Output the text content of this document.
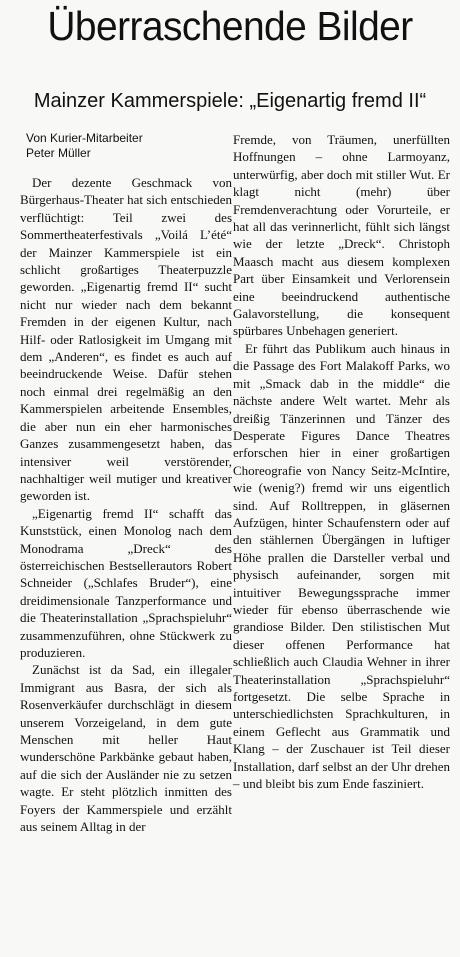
Überraschende Bilder
Mainzer Kammerspiele: „Eigenartig fremd II“
Von Kurier-Mitarbeiter
Peter Müller

Der dezente Geschmack von Bürgerhaus-Theater hat sich entschieden verflüchtigt: Teil zwei des Sommertheaterfestivals „Voilá L’été“ der Mainzer Kammerspiele ist ein schlicht großartiges Theaterpuzzle geworden. „Eigenartig fremd II“ sucht nicht nur wieder nach dem bekannt Fremden in der eigenen Kultur, nach Hilf- oder Ratlosigkeit im Umgang mit dem „Anderen“, es findet es auch auf beeindruckende Weise. Dafür stehen noch einmal drei regelmäßig an den Kammerspielen arbeitende Ensembles, die aber nun ein eher harmonisches Ganzes zusammengesetzt haben, das intensiver weil verstörender, nachhaltiger weil mutiger und kreativer geworden ist.

„Eigenartig fremd II“ schafft das Kunststück, einen Monolog nach dem Monodrama „Dreck“ des österreichischen Bestsellerautors Robert Schneider („Schlafes Bruder“), eine dreidimensionale Tanzperformance und die Theaterinstallation „Sprachspieluhr“ zusammenzuführen, ohne Stückwerk zu produzieren.

Zunächst ist da Sad, ein illegaler Immigrant aus Basra, der sich als Rosenverkäufer durchschlägt in diesem unserem Vorzeigeland, in dem gute Menschen mit heller Haut wunderschöne Parkbänke gebaut haben, auf die sich der Ausländer nie zu setzen wagte. Er steht plötzlich inmitten des Foyers der Kammerspiele und erzählt aus seinem Alltag in der

Fremde, von Träumen, unerfüllten Hoffnungen – ohne Larmoyanz, unterwürfig, aber doch mit stiller Wut. Er klagt nicht (mehr) über Fremdenverachtung oder Vorurteile, er hat all das verinnerlicht, fühlt sich längst wie der letzte „Dreck“. Christoph Maasch macht aus diesem komplexen Part über Einsamkeit und Verlorensein eine beeindruckend authentische Galavorstellung, die konsequent spürbares Unbehagen generiert.

Er führt das Publikum auch hinaus in die Passage des Fort Malakoff Parks, wo mit „Smack dab in the middle“ die nächste andere Welt wartet. Mehr als dreißig Tänzerinnen und Tänzer des Desperate Figures Dance Theatres erforschen hier in einer großartigen Choreografie von Nancy Seitz-McIntire, wie (wenig?) fremd wir uns eigentlich sind. Auf Rolltreppen, in gläsernen Aufzügen, hinter Schaufenstern oder auf den stählernen Übergängen in luftiger Höhe prallen die Darsteller verbal und physisch aufeinander, sorgen mit intuitiver Bewegungssprache immer wieder für ebenso überraschende wie grandiose Bilder. Den stilistischen Mut dieser offenen Performance hat schließlich auch Claudia Wehner in ihrer Theaterinstallation „Sprachspieluhr“ fortgesetzt. Die selbe Sprache in unterschiedlichsten Sprachkulturen, in einem Geflecht aus Grammatik und Klang – der Zuschauer ist Teil dieser Installation, darf selbst an der Uhr drehen – und bleibt bis zum Ende fasziniert.
